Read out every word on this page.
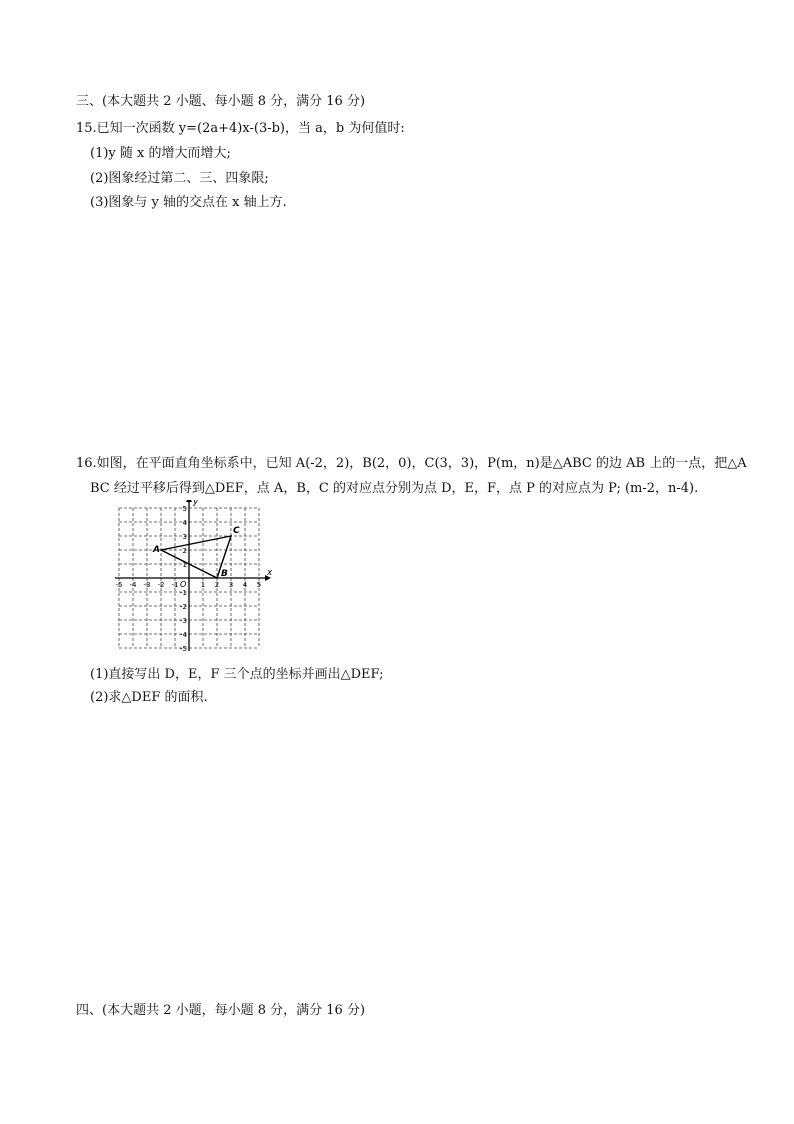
三、(本大题共 2 小题、每小题 8 分，满分 16 分)
15.已知一次函数 y=(2a+4)x-(3-b)，当 a，b 为何值时:
(1)y 随 x 的增大而增大;
(2)图象经过第二、三、四象限;
(3)图象与 y 轴的交点在 x 轴上方.
16.如图，在平面直角坐标系中，已知 A(-2，2)，B(2，0)，C(3，3)，P(m，n)是△ABC 的边 AB 上的一点，把△A
BC 经过平移后得到△DEF，点 A，B，C 的对应点分别为点 D，E，F，点 P 的对应点为 P; (m-2，n-4).
x
y
O
-5 -4 -3 -2 -1	1 2 3 4 5
5
4
3
2
1
-1
-2
-3
-4
-5
A
B
C
(1)直接写出 D，E，F 三个点的坐标并画出△DEF;
(2)求△DEF 的面积.
四、(本大题共 2 小题，每小题 8 分，满分 16 分)
